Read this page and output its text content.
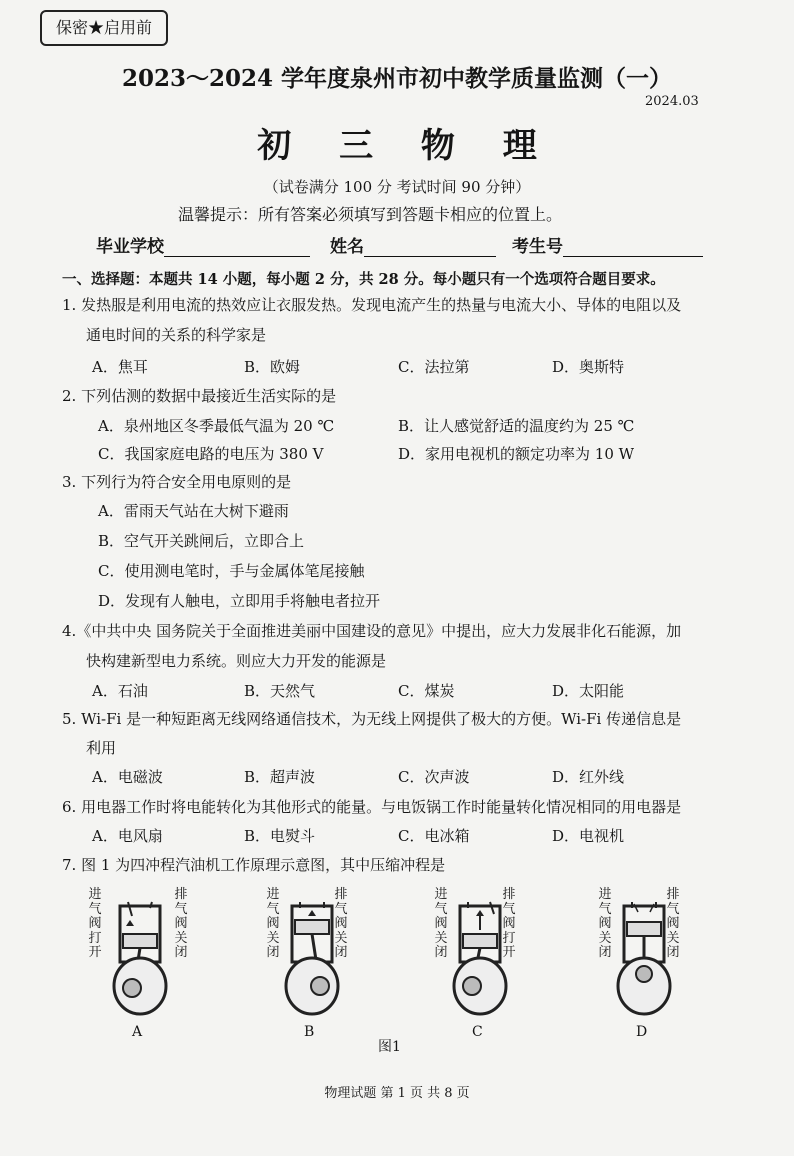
保密★启用前
2023～2024 学年度泉州市初中教学质量监测（一）
2024.03
初 三 物 理
（试卷满分 100 分 考试时间 90 分钟）
温馨提示：所有答案必须填写到答题卡相应的位置上。
毕业学校	姓名	考生号
一、选择题：本题共 14 小题，每小题 2 分，共 28 分。每小题只有一个选项符合题目要求。
1. 发热服是利用电流的热效应让衣服发热。发现电流产生的热量与电流大小、导体的电阻以及
通电时间的关系的科学家是
A．焦耳	B．欧姆	C．法拉第	D．奥斯特
2. 下列估测的数据中最接近生活实际的是
A．泉州地区冬季最低气温为 20 ℃	B．让人感觉舒适的温度约为 25 ℃
C．我国家庭电路的电压为 380 V	D．家用电视机的额定功率为 10 W
3. 下列行为符合安全用电原则的是
A．雷雨天气站在大树下避雨
B．空气开关跳闸后，立即合上
C．使用测电笔时，手与金属体笔尾接触
D．发现有人触电，立即用手将触电者拉开
4.《中共中央 国务院关于全面推进美丽中国建设的意见》中提出，应大力发展非化石能源，加
快构建新型电力系统。则应大力开发的能源是
A．石油	B．天然气	C．煤炭	D．太阳能
5. Wi-Fi 是一种短距离无线网络通信技术，为无线上网提供了极大的方便。Wi-Fi 传递信息是
利用
A．电磁波	B．超声波	C．次声波	D．红外线
6. 用电器工作时将电能转化为其他形式的能量。与电饭锅工作时能量转化情况相同的用电器是
A．电风扇	B．电熨斗	C．电冰箱	D．电视机
7. 图 1 为四冲程汽油机工作原理示意图，其中压缩冲程是
进气阀打开
排气阀关闭
A
进气阀关闭
排气阀关闭
B
进气阀关闭
排气阀打开
C
进气阀关闭
排气阀关闭
D
图1
物理试题 第 1 页 共 8 页
